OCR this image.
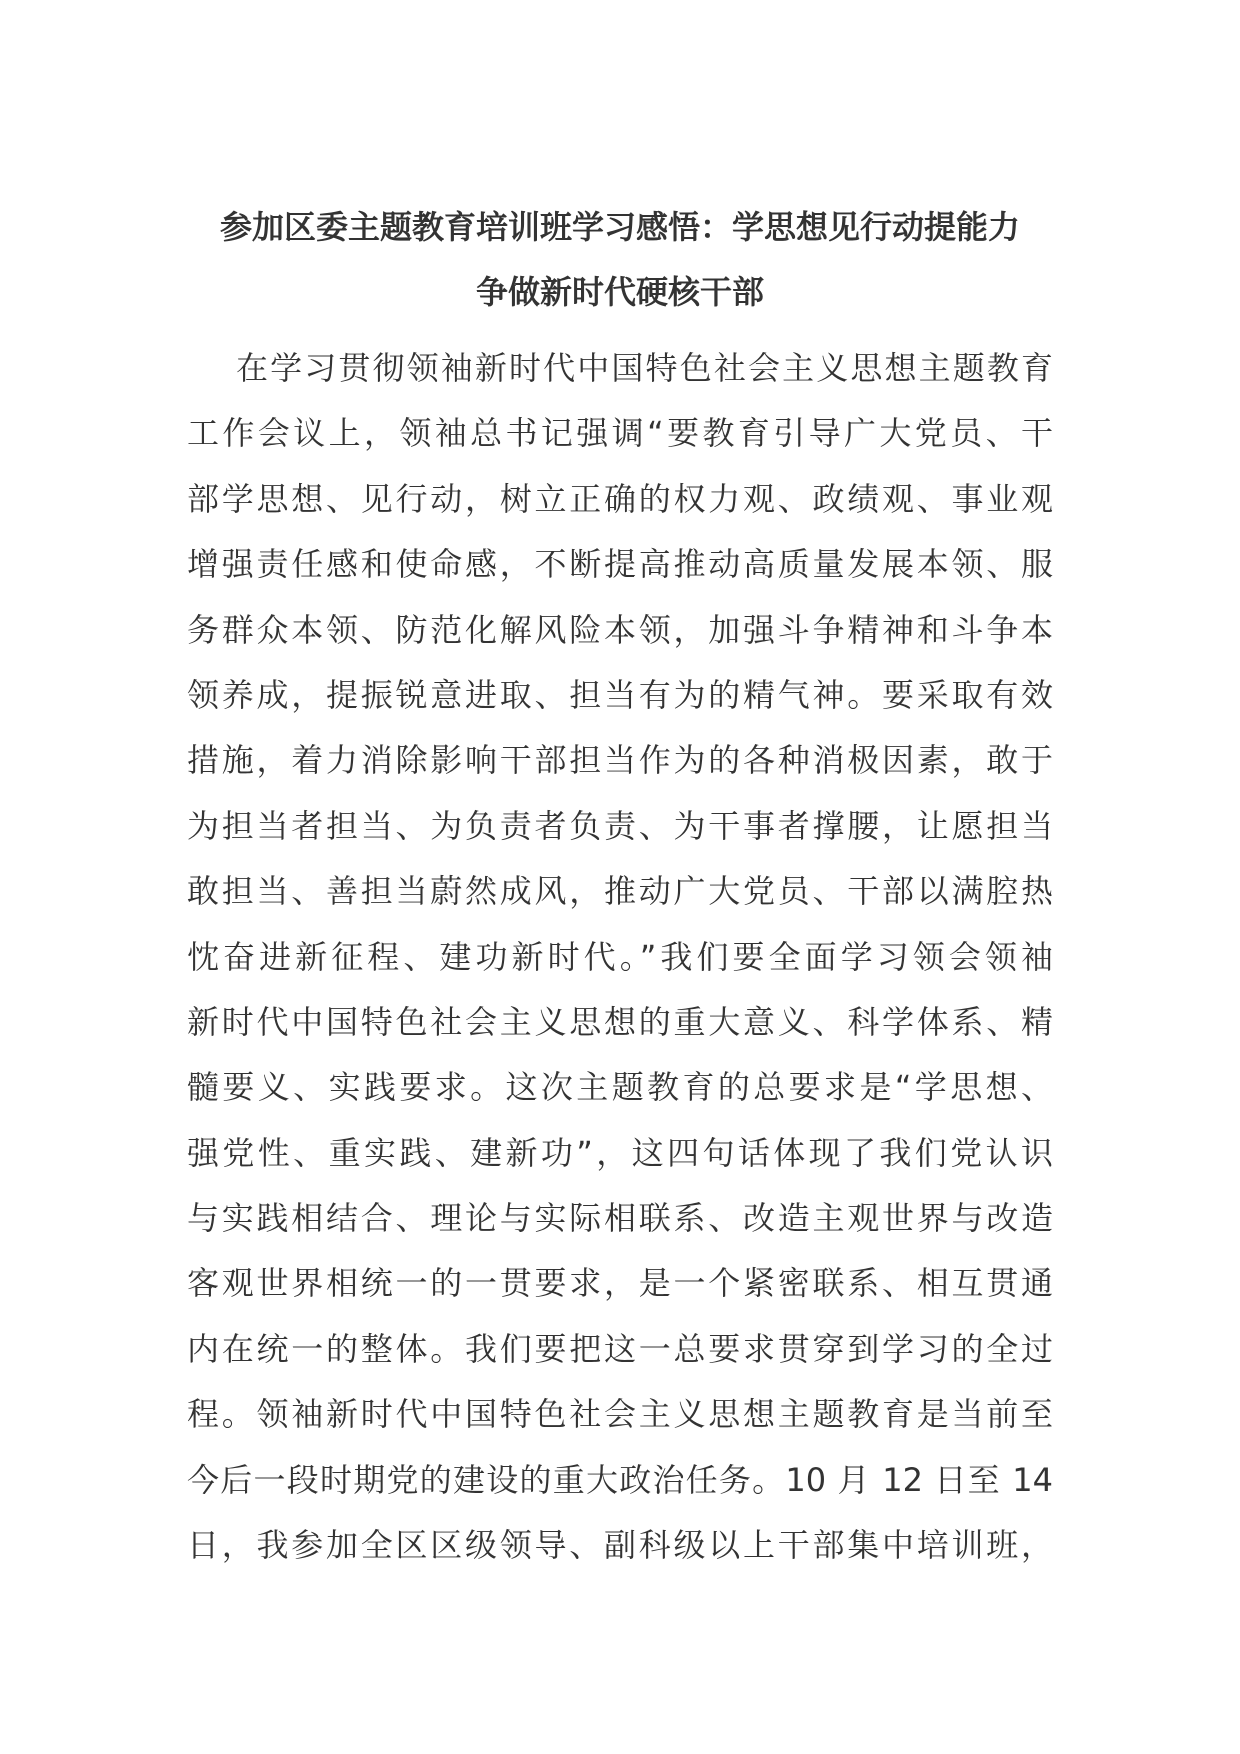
参加区委主题教育培训班学习感悟：学思想见行动提能力
争做新时代硬核干部
在学习贯彻领袖新时代中国特色社会主义思想主题教育
工作会议上，领袖总书记强调“要教育引导广大党员、干
部学思想、见行动，树立正确的权力观、政绩观、事业观
增强责任感和使命感，不断提高推动高质量发展本领、服
务群众本领、防范化解风险本领，加强斗争精神和斗争本
领养成，提振锐意进取、担当有为的精气神。要采取有效
措施，着力消除影响干部担当作为的各种消极因素，敢于
为担当者担当、为负责者负责、为干事者撑腰，让愿担当
敢担当、善担当蔚然成风，推动广大党员、干部以满腔热
忱奋进新征程、建功新时代。”我们要全面学习领会领袖
新时代中国特色社会主义思想的重大意义、科学体系、精
髓要义、实践要求。这次主题教育的总要求是“学思想、
强党性、重实践、建新功”，这四句话体现了我们党认识
与实践相结合、理论与实际相联系、改造主观世界与改造
客观世界相统一的一贯要求，是一个紧密联系、相互贯通
内在统一的整体。我们要把这一总要求贯穿到学习的全过
程。领袖新时代中国特色社会主义思想主题教育是当前至
今后一段时期党的建设的重大政治任务。10 月 12 日至 14
日，我参加全区区级领导、副科级以上干部集中培训班，
